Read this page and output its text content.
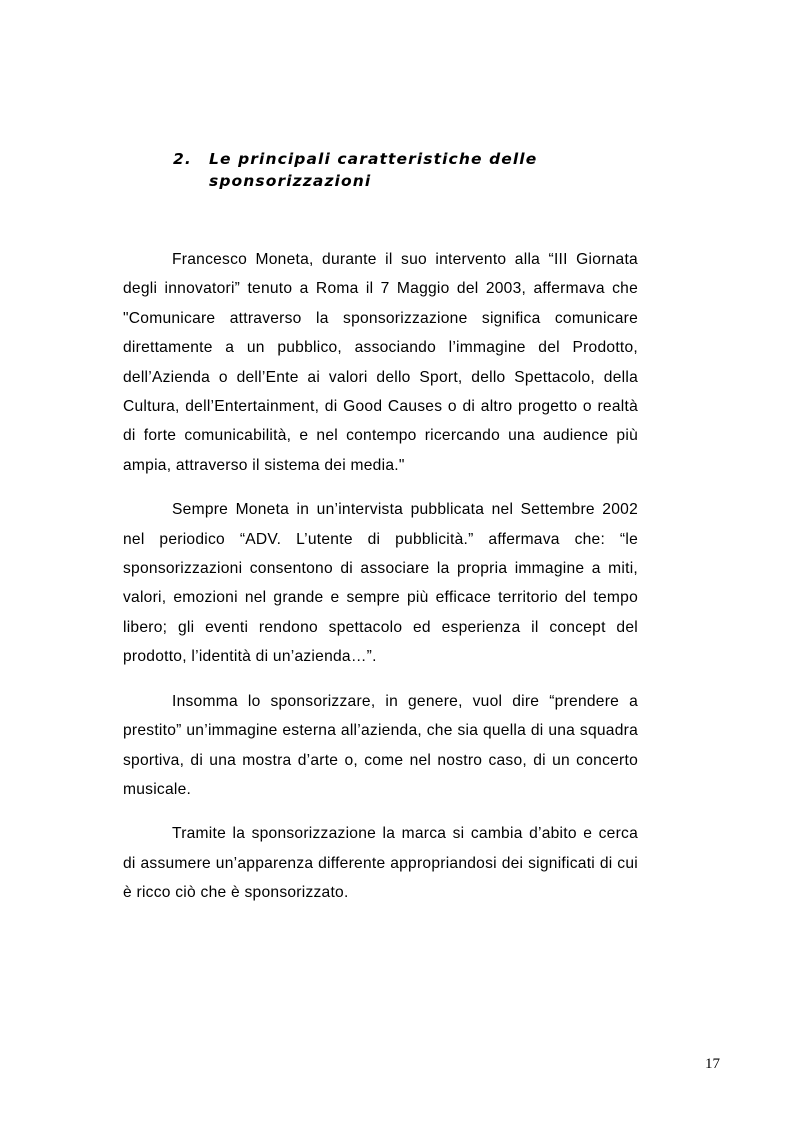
2.	Le principali caratteristiche delle sponsorizzazioni

Francesco Moneta, durante il suo intervento alla “III Giornata degli innovatori” tenuto a Roma il 7 Maggio del 2003, affermava che "Comunicare attraverso la sponsorizzazione significa comunicare direttamente a un pubblico, associando l’immagine del Prodotto, dell’Azienda o dell’Ente ai valori dello Sport, dello Spettacolo, della Cultura, dell’Entertainment, di Good Causes o di altro progetto o realtà di forte comunicabilità, e nel contempo ricercando una audience più ampia, attraverso il sistema dei media."

Sempre Moneta in un’intervista pubblicata nel Settembre 2002 nel periodico “ADV. L’utente di pubblicità.” affermava che: “le sponsorizzazioni consentono di associare la propria immagine a miti, valori, emozioni nel grande e sempre più efficace territorio del tempo libero; gli eventi rendono spettacolo ed esperienza il concept del prodotto, l’identità di un’azienda…”.

Insomma lo sponsorizzare, in genere, vuol dire “prendere a prestito” un’immagine esterna all’azienda, che sia quella di una squadra sportiva, di una mostra d’arte o, come nel nostro caso, di un concerto musicale.

Tramite la sponsorizzazione la marca si cambia d’abito e cerca di assumere un’apparenza differente appropriandosi dei significati di cui è ricco ciò che è sponsorizzato.

17
